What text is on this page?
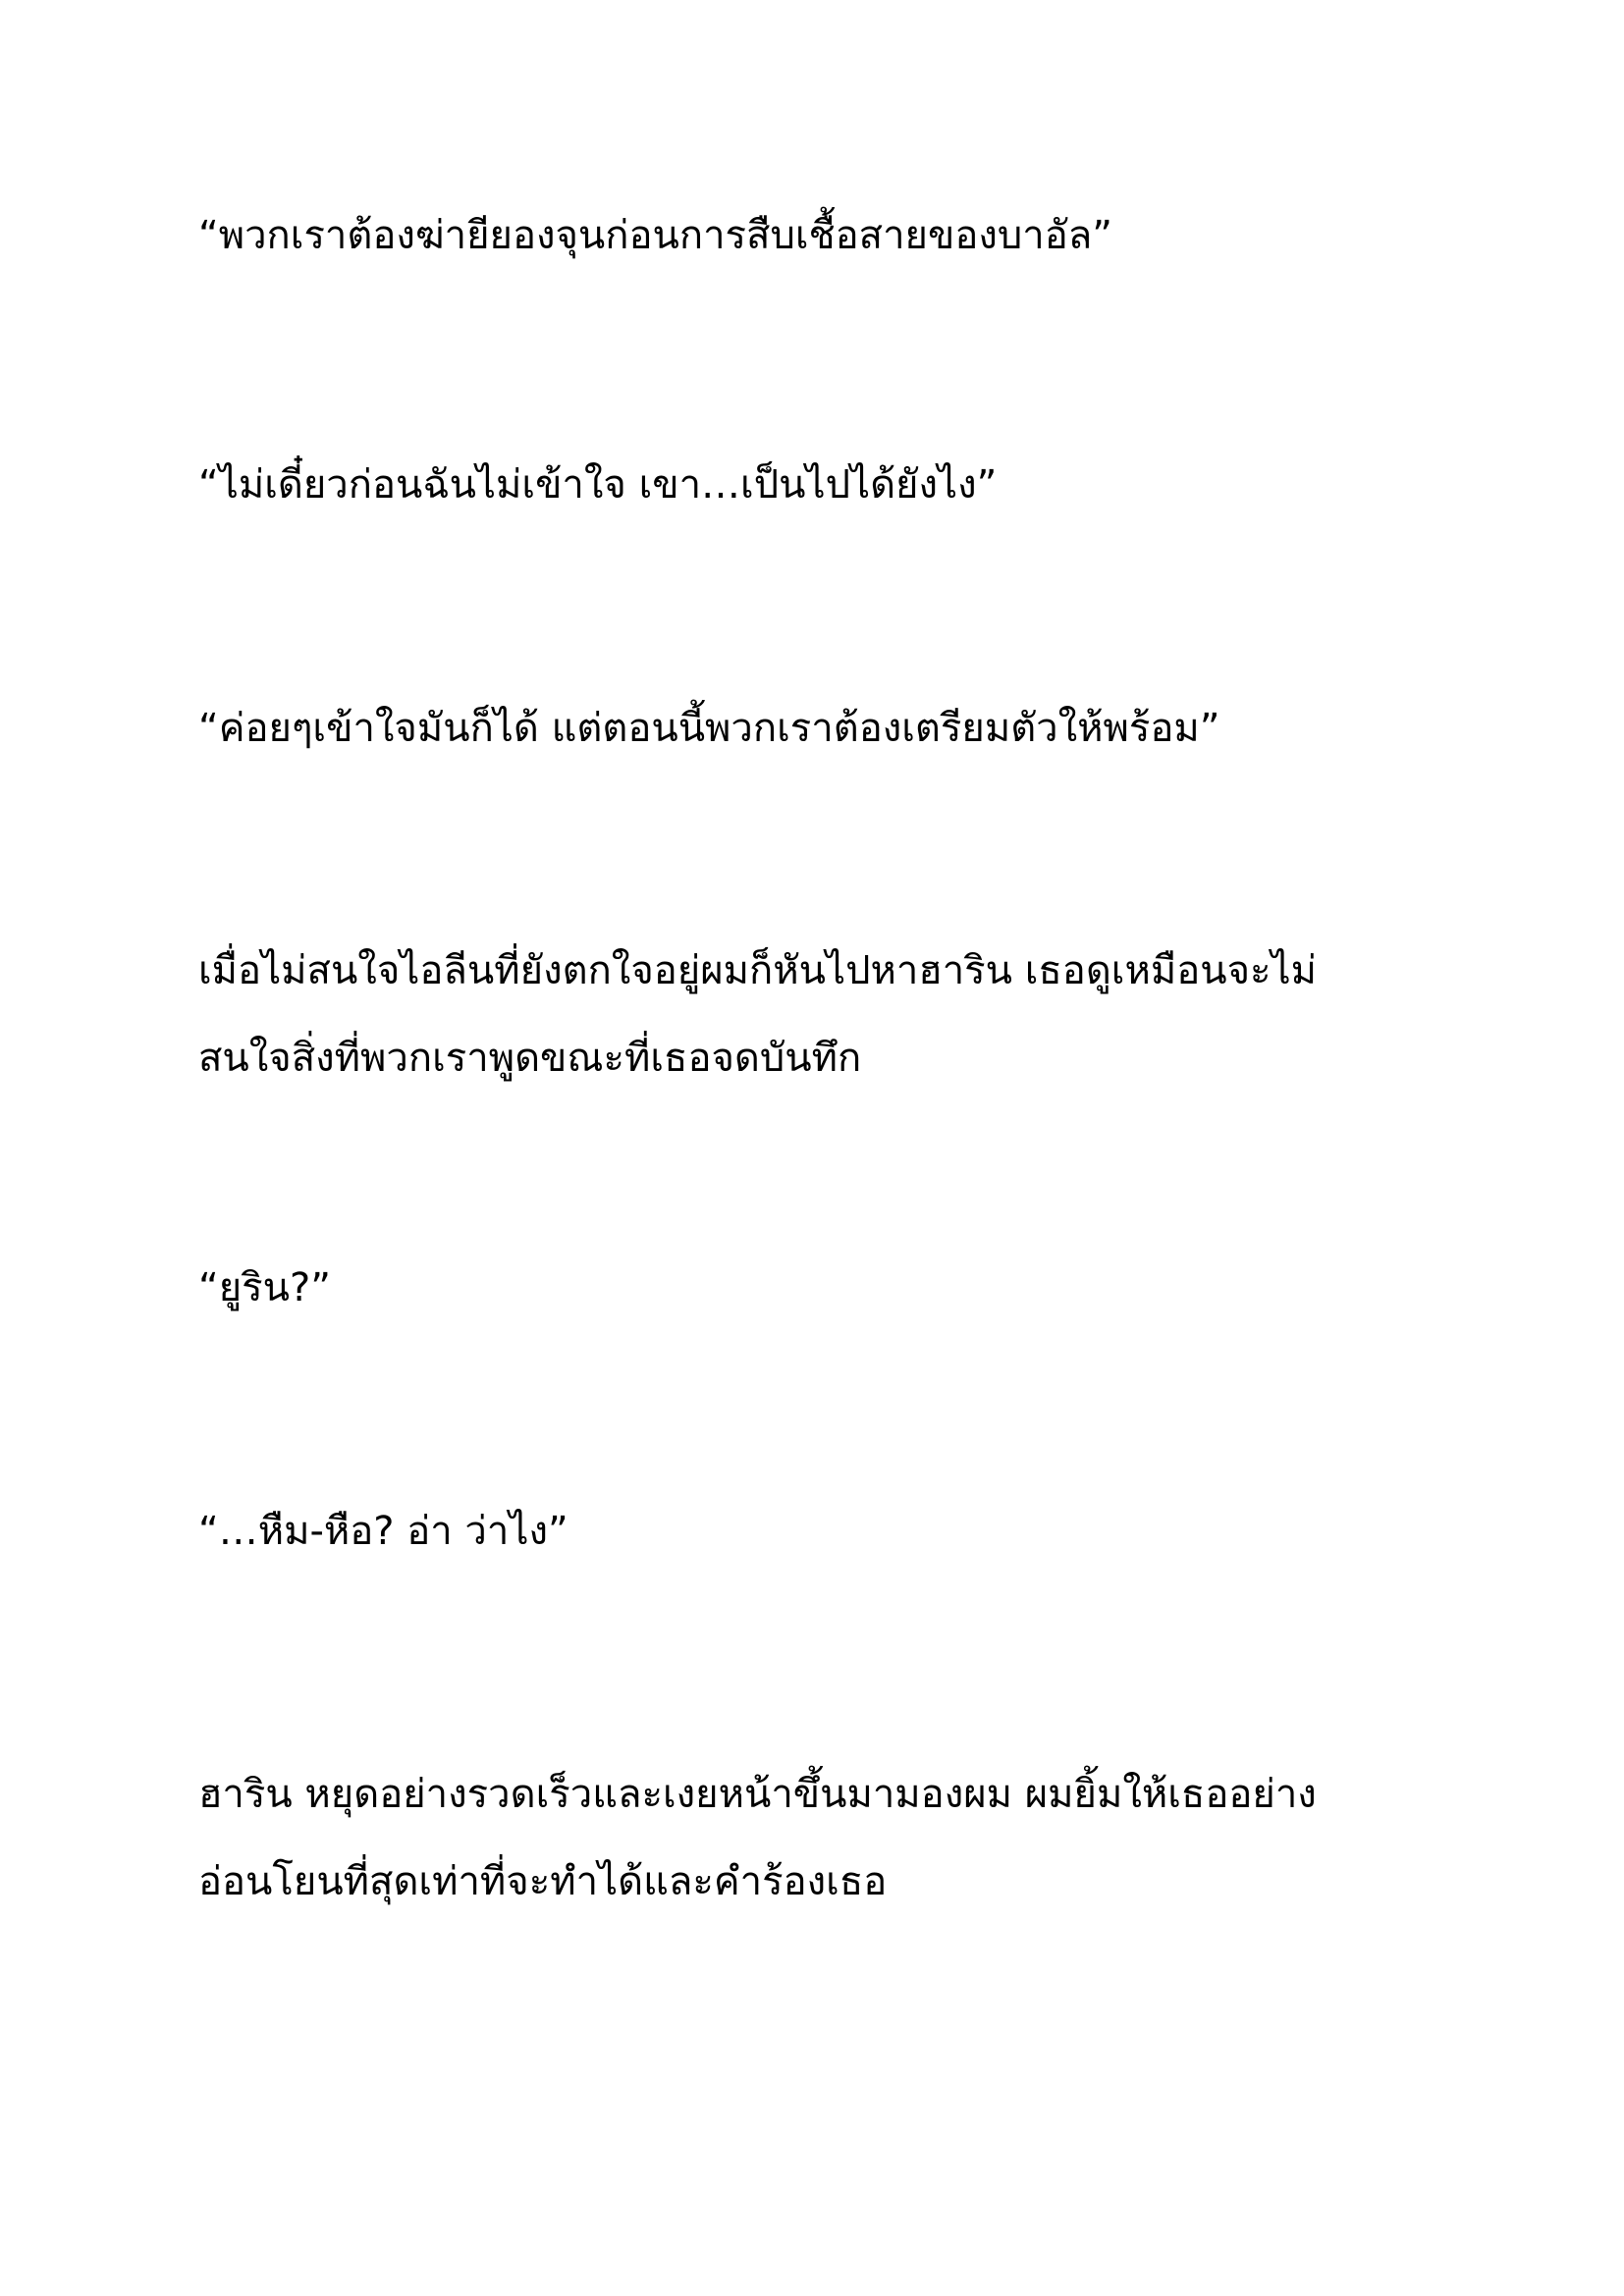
“พวกเราต้องฆ่ายียองจุนก่อนการสืบเชื้อสายของบาอัล”

“ไม่เดี๋ยวก่อนฉันไม่เข้าใจ เขา…เป็นไปได้ยังไง”

“ค่อยๆเข้าใจมันก็ได้ แต่ตอนนี้พวกเราต้องเตรียมตัวให้พร้อม”

เมื่อไม่สนใจไอลีนที่ยังตกใจอยู่ผมก็หันไปหาฮาริน เธอดูเหมือนจะไม่
สนใจสิ่งที่พวกเราพูดขณะที่เธอจดบันทึก

“ยูริน?”

“…หืม-หือ? อ่า ว่าไง”

ฮาริน หยุดอย่างรวดเร็วและเงยหน้าขึ้นมามองผม ผมยิ้มให้เธออย่าง
อ่อนโยนที่สุดเท่าที่จะทำได้และคำร้องเธอ
